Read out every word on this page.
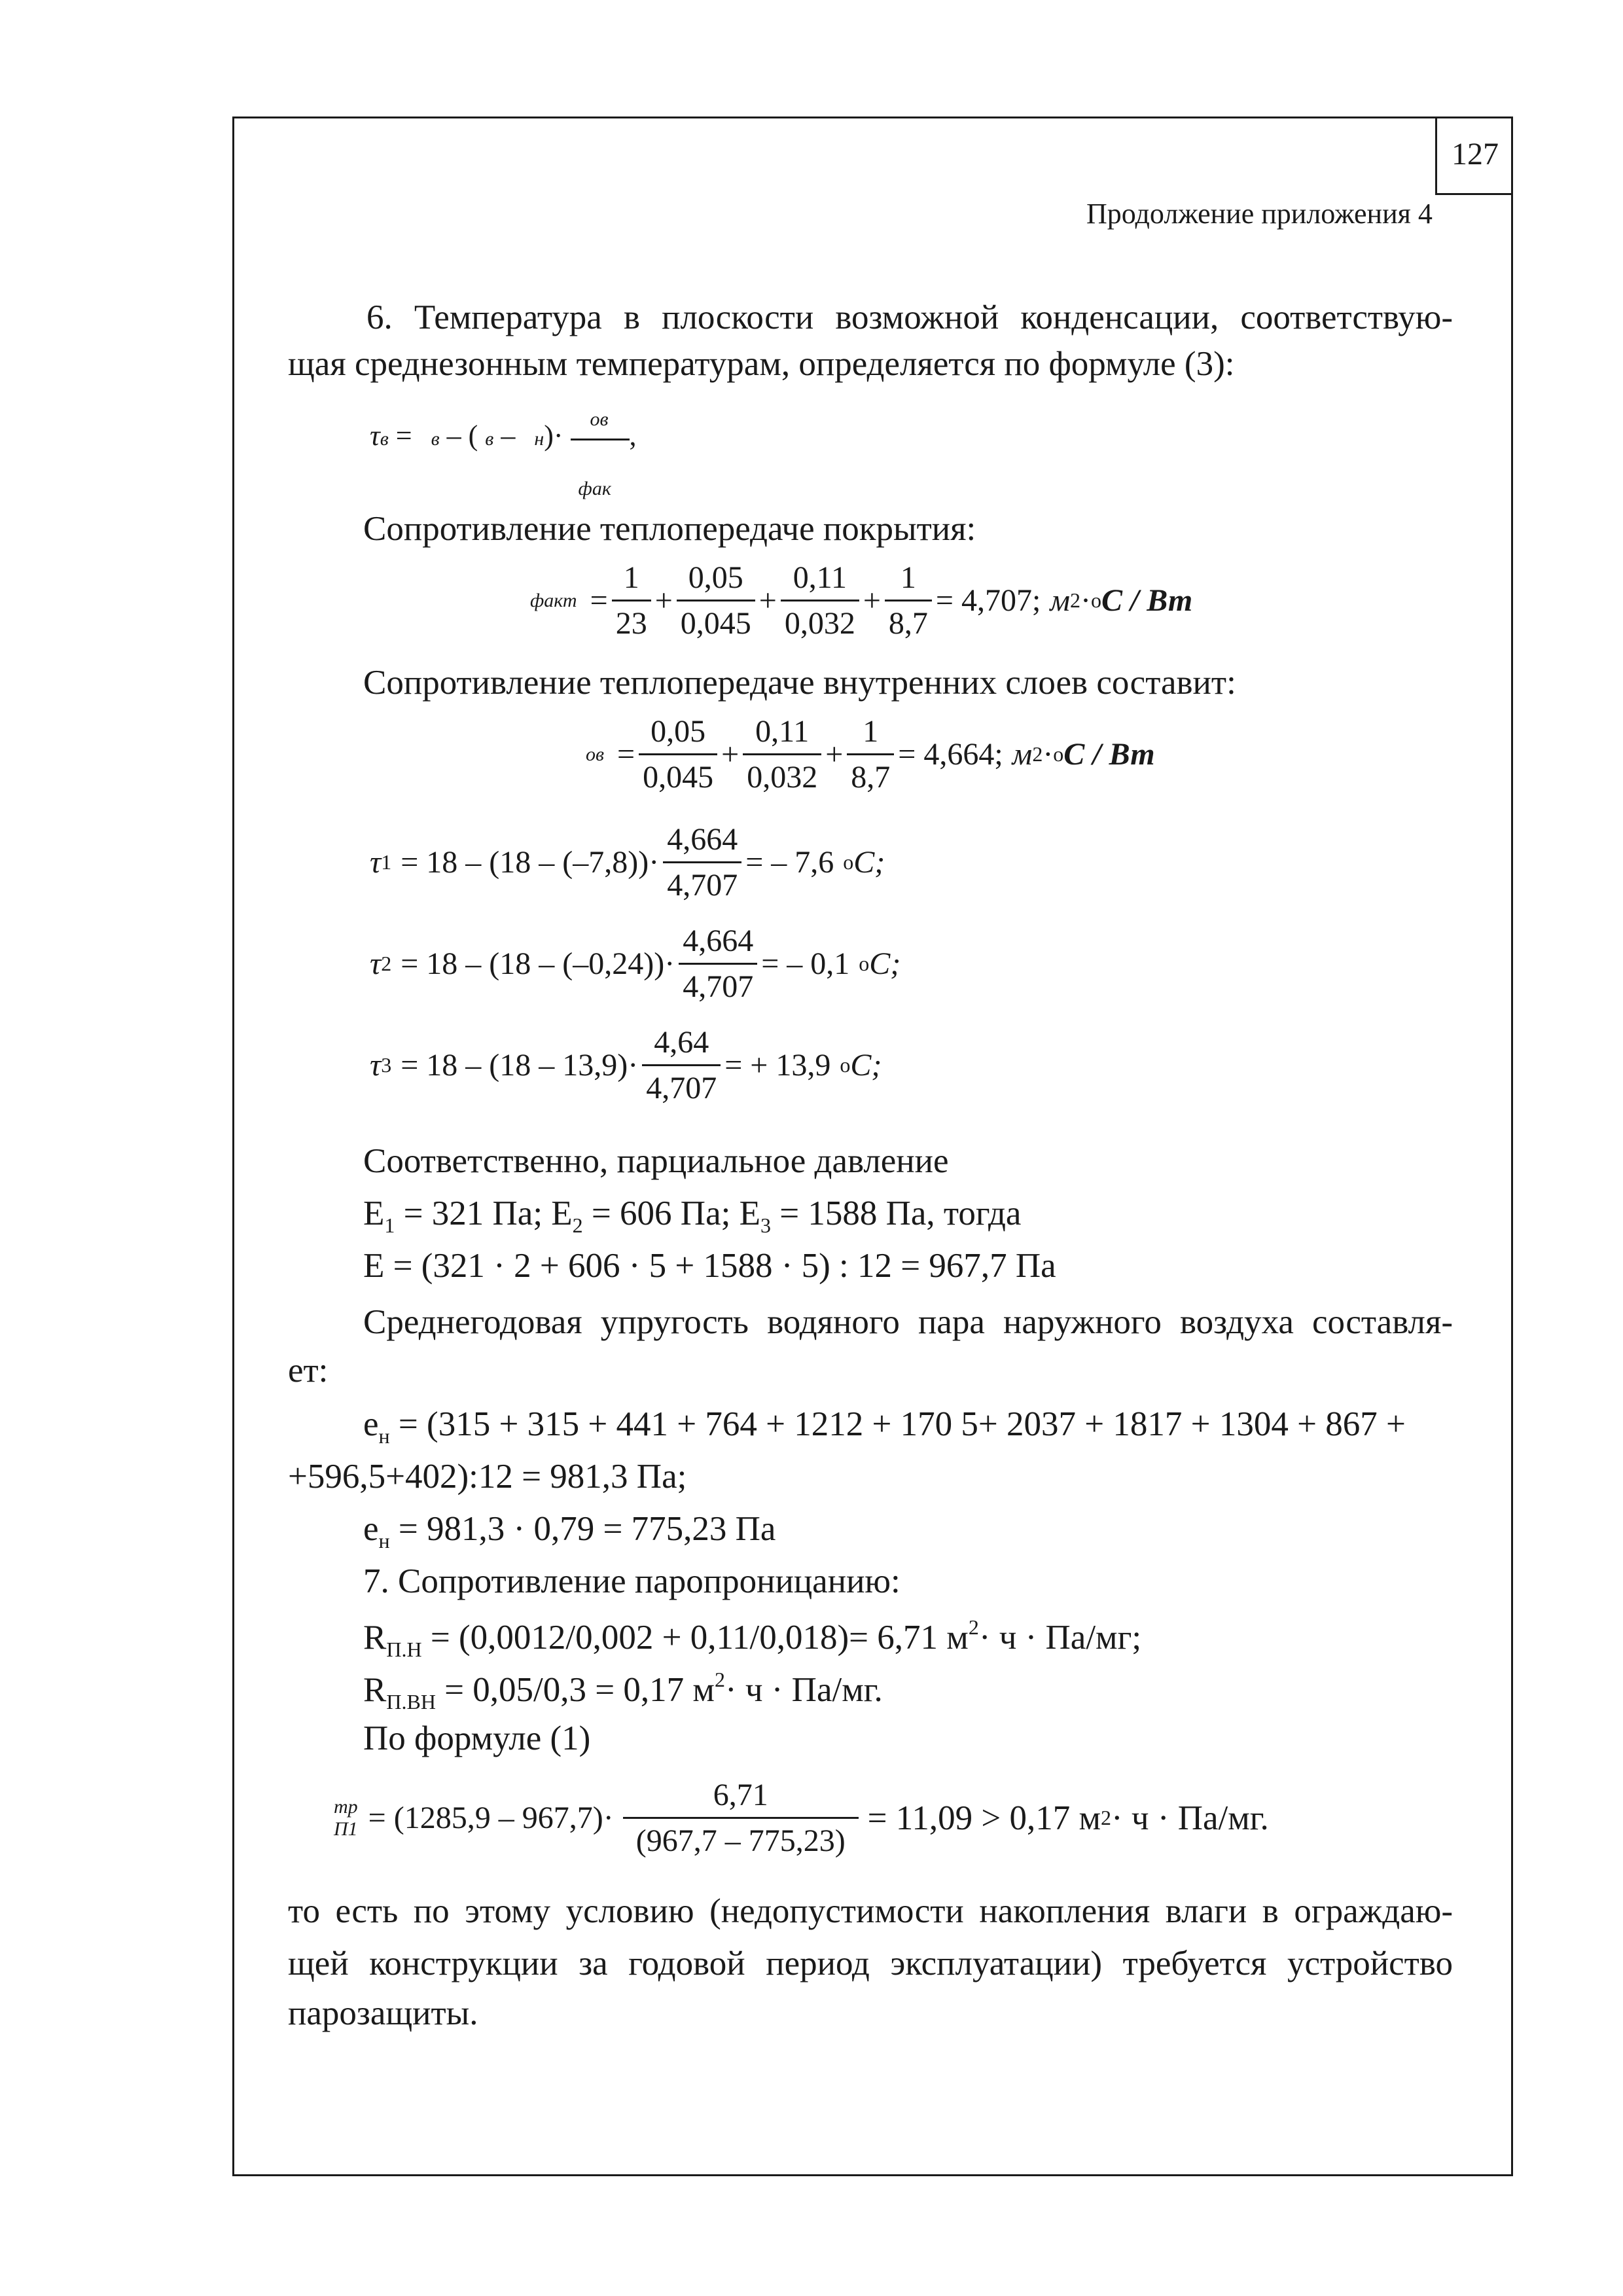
127
Продолжение приложения 4
6. Температура в плоскости возможной конденсации, соответствую-
щая среднезонным температурам, определяется по формуле (3):
τв = в – ( в – н)·
ов
фак
,
Сопротивление теплопередаче покрытия:
факт = $\frac{1}{23} + \frac{0,05}{0,045} + \frac{0,11}{0,032} + \frac{1}{8,7} = 4,707$; м 2 · o С / Вт
Сопротивление теплопередаче внутренних слоев составит:
ов = $\frac{0,05}{0,045} + \frac{0,11}{0,032} + \frac{1}{8,7} = 4,664$; м 2 · o С / Вт
τ $1 = 18 - (18 - (-7,8))\cdot \frac{4,664}{4,707}$ = – 7,6 o С;
τ $2 = 18 - (18 - (-0,24))\cdot \frac{4,664}{4,707}$ = – 0,1 o С;
τ $3 = 18 - (18 - 13,9)\cdot \frac{4,64}{4,707}$ = + 13,9 o С;
Соответственно, парциальное давление
$E_1 = 321$ Па; $E_2 = 606$ Па; $E_3 = 1588$ Па, тогда
E = (321 · 2 + 606 · 5 + 1588 · 5) : 12 = 967,7 Па
Среднегодовая упругость водяного пара наружного воздуха составля-
ет:
$е_н = (315 + 315 + 441 + 764 + 1212 + 170$ 5+ 2037 + 1817 + 1304 + 867 +
+596,5+402):12 = 981,3 Па;
$е_н = 981,3 \cdot 0,79 = 775,23$ Па
7. Сопротивление паропроницанию:
$R_{П.Н} = (0,0012/0,002 + 0,11/0,018)= 6,71$ $м^2\cdot ч \cdot Па/мг$;
$R_{П.ВН} = 0,05/0,3 = 0,17$ $м^2\cdot ч \cdot Па/мг$.
По формуле (1)
тр
$П1 = (1285,9 - 967,7)\cdot \frac{6,71}{(967,7 - 775,23)} = 11,09 > 0,17$ м 2 · ч · Па/мг.
то есть по этому условию (недопустимости накопления влаги в ограждаю-
щей конструкции за годовой период эксплуатации) требуется устройство
парозащиты.
